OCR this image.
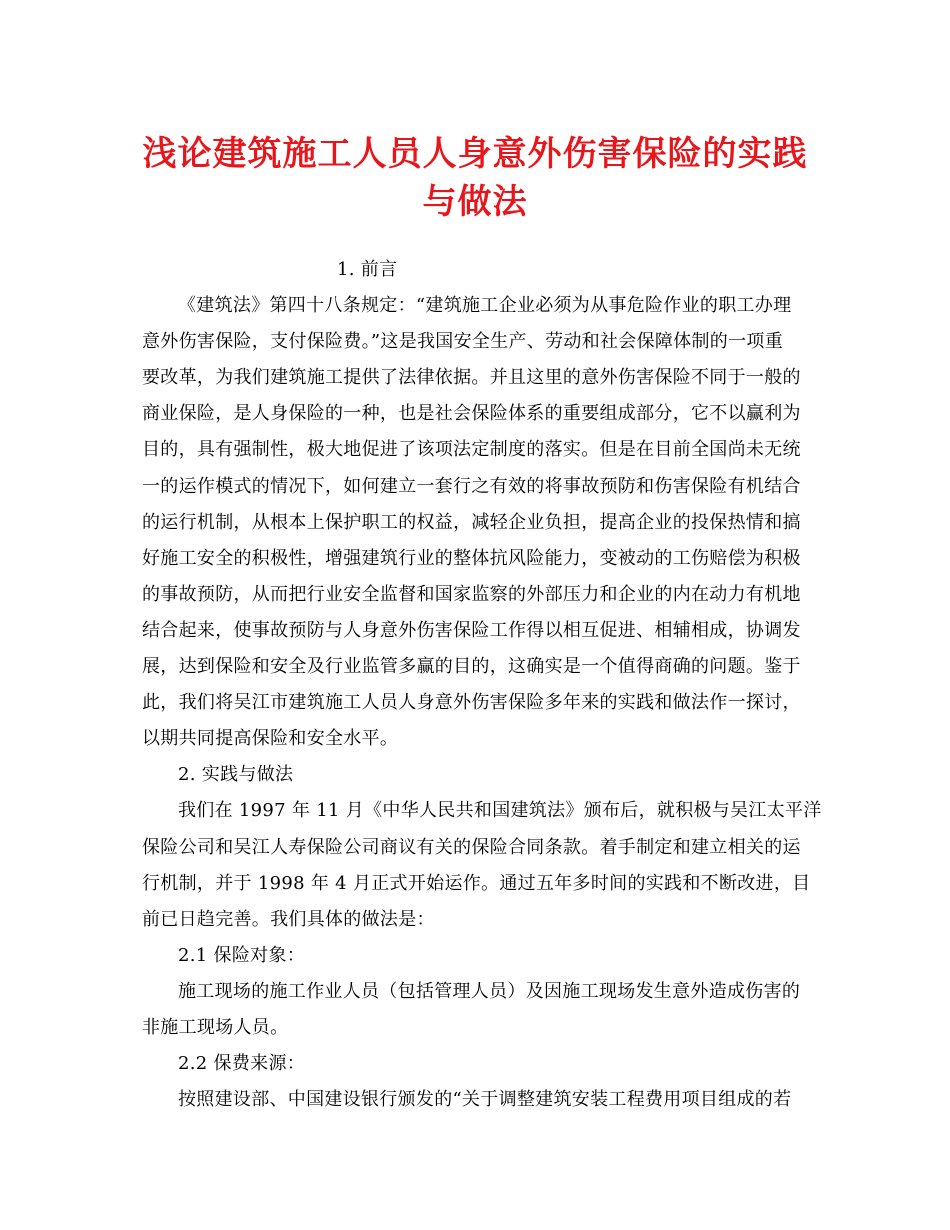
浅论建筑施工人员人身意外伤害保险的实践
与做法
1. 前言
《建筑法》第四十八条规定：“建筑施工企业必须为从事危险作业的职工办理
意外伤害保险，支付保险费。”这是我国安全生产、劳动和社会保障体制的一项重
要改革，为我们建筑施工提供了法律依据。并且这里的意外伤害保险不同于一般的
商业保险，是人身保险的一种，也是社会保险体系的重要组成部分，它不以赢利为
目的，具有强制性，极大地促进了该项法定制度的落实。但是在目前全国尚未无统
一的运作模式的情况下，如何建立一套行之有效的将事故预防和伤害保险有机结合
的运行机制，从根本上保护职工的权益，减轻企业负担，提高企业的投保热情和搞
好施工安全的积极性，增强建筑行业的整体抗风险能力，变被动的工伤赔偿为积极
的事故预防，从而把行业安全监督和国家监察的外部压力和企业的内在动力有机地
结合起来，使事故预防与人身意外伤害保险工作得以相互促进、相辅相成，协调发
展，达到保险和安全及行业监管多赢的目的，这确实是一个值得商确的问题。鉴于
此，我们将吴江市建筑施工人员人身意外伤害保险多年来的实践和做法作一探讨，
以期共同提高保险和安全水平。
2. 实践与做法
我们在 1997 年 11 月《中华人民共和国建筑法》颁布后，就积极与吴江太平洋
保险公司和吴江人寿保险公司商议有关的保险合同条款。着手制定和建立相关的运
行机制，并于 1998 年 4 月正式开始运作。通过五年多时间的实践和不断改进，目
前已日趋完善。我们具体的做法是：
2.1 保险对象：
施工现场的施工作业人员（包括管理人员）及因施工现场发生意外造成伤害的
非施工现场人员。
2.2 保费来源：
按照建设部、中国建设银行颁发的“关于调整建筑安装工程费用项目组成的若
